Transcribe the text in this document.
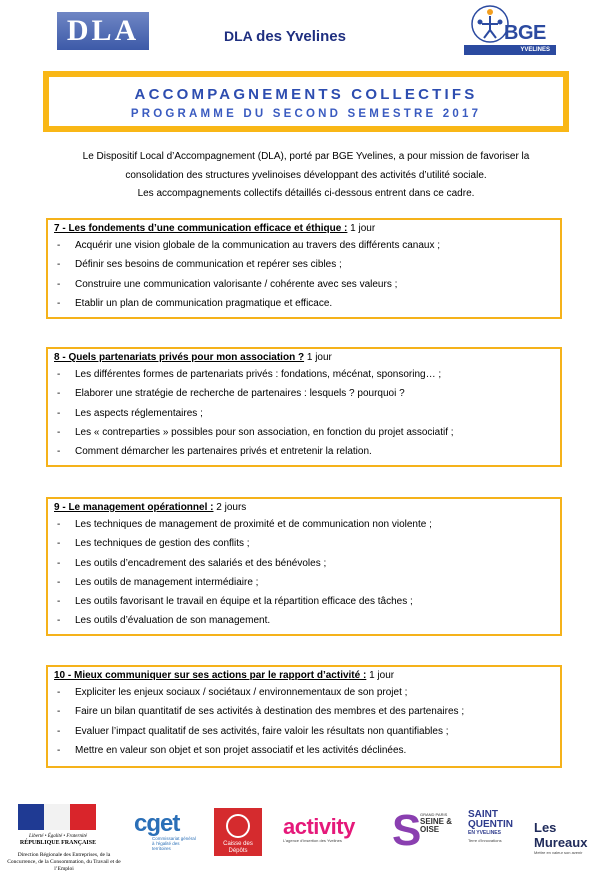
DLA	DLA des Yvelines	BGE
YVELINES
ACCOMPAGNEMENTS COLLECTIFS
PROGRAMME DU SECOND SEMESTRE 2017
Le Dispositif Local d’Accompagnement (DLA), porté par BGE Yvelines, a pour mission de favoriser la
consolidation des structures yvelinoises développant des activités d’utilité sociale.
Les accompagnements collectifs détaillés ci-dessous entrent dans ce cadre.
7 - Les fondements d’une communication efficace et éthique : 1 jour
- Acquérir une vision globale de la communication au travers des différents canaux ;
- Définir ses besoins de communication et repérer ses cibles ;
- Construire une communication valorisante / cohérente avec ses valeurs ;
- Etablir un plan de communication pragmatique et efficace.
8 - Quels partenariats privés pour mon association ? 1 jour
- Les différentes formes de partenariats privés : fondations, mécénat, sponsoring… ;
- Elaborer une stratégie de recherche de partenaires : lesquels ? pourquoi ?
- Les aspects réglementaires ;
- Les « contreparties » possibles pour son association, en fonction du projet associatif ;
- Comment démarcher les partenaires privés et entretenir la relation.
9 - Le management opérationnel : 2 jours
- Les techniques de management de proximité et de communication non violente ;
- Les techniques de gestion des conflits ;
- Les outils d’encadrement des salariés et des bénévoles ;
- Les outils de management intermédiaire ;
- Les outils favorisant le travail en équipe et la répartition efficace des tâches ;
- Les outils d’évaluation de son management.
10 - Mieux communiquer sur ses actions par le rapport d’activité : 1 jour
- Expliciter les enjeux sociaux / sociétaux / environnementaux de son projet ;
- Faire un bilan quantitatif de ses activités à destination des membres et des partenaires ;
- Evaluer l’impact qualitatif de ses activités, faire valoir les résultats non quantifiables ;
- Mettre en valeur son objet et son projet associatif et les activités déclinées.
Liberté • Égalité • Fraternité
RÉPUBLIQUE FRANÇAISE
Direction Régionale des Entreprises, de la Concurrence, de la Consommation, du Travail et de l’Emploi
cget
Commissariat général à l’égalité des territoires
Caisse des Dépôts
activity
L’agence d’insertion des Yvelines	S
GRAND PARIS
SEINE & OISE
SAINT QUENTIN
EN YVELINES
Terre d’innovations
Les Mureaux
Mettre en valeur son avenir
